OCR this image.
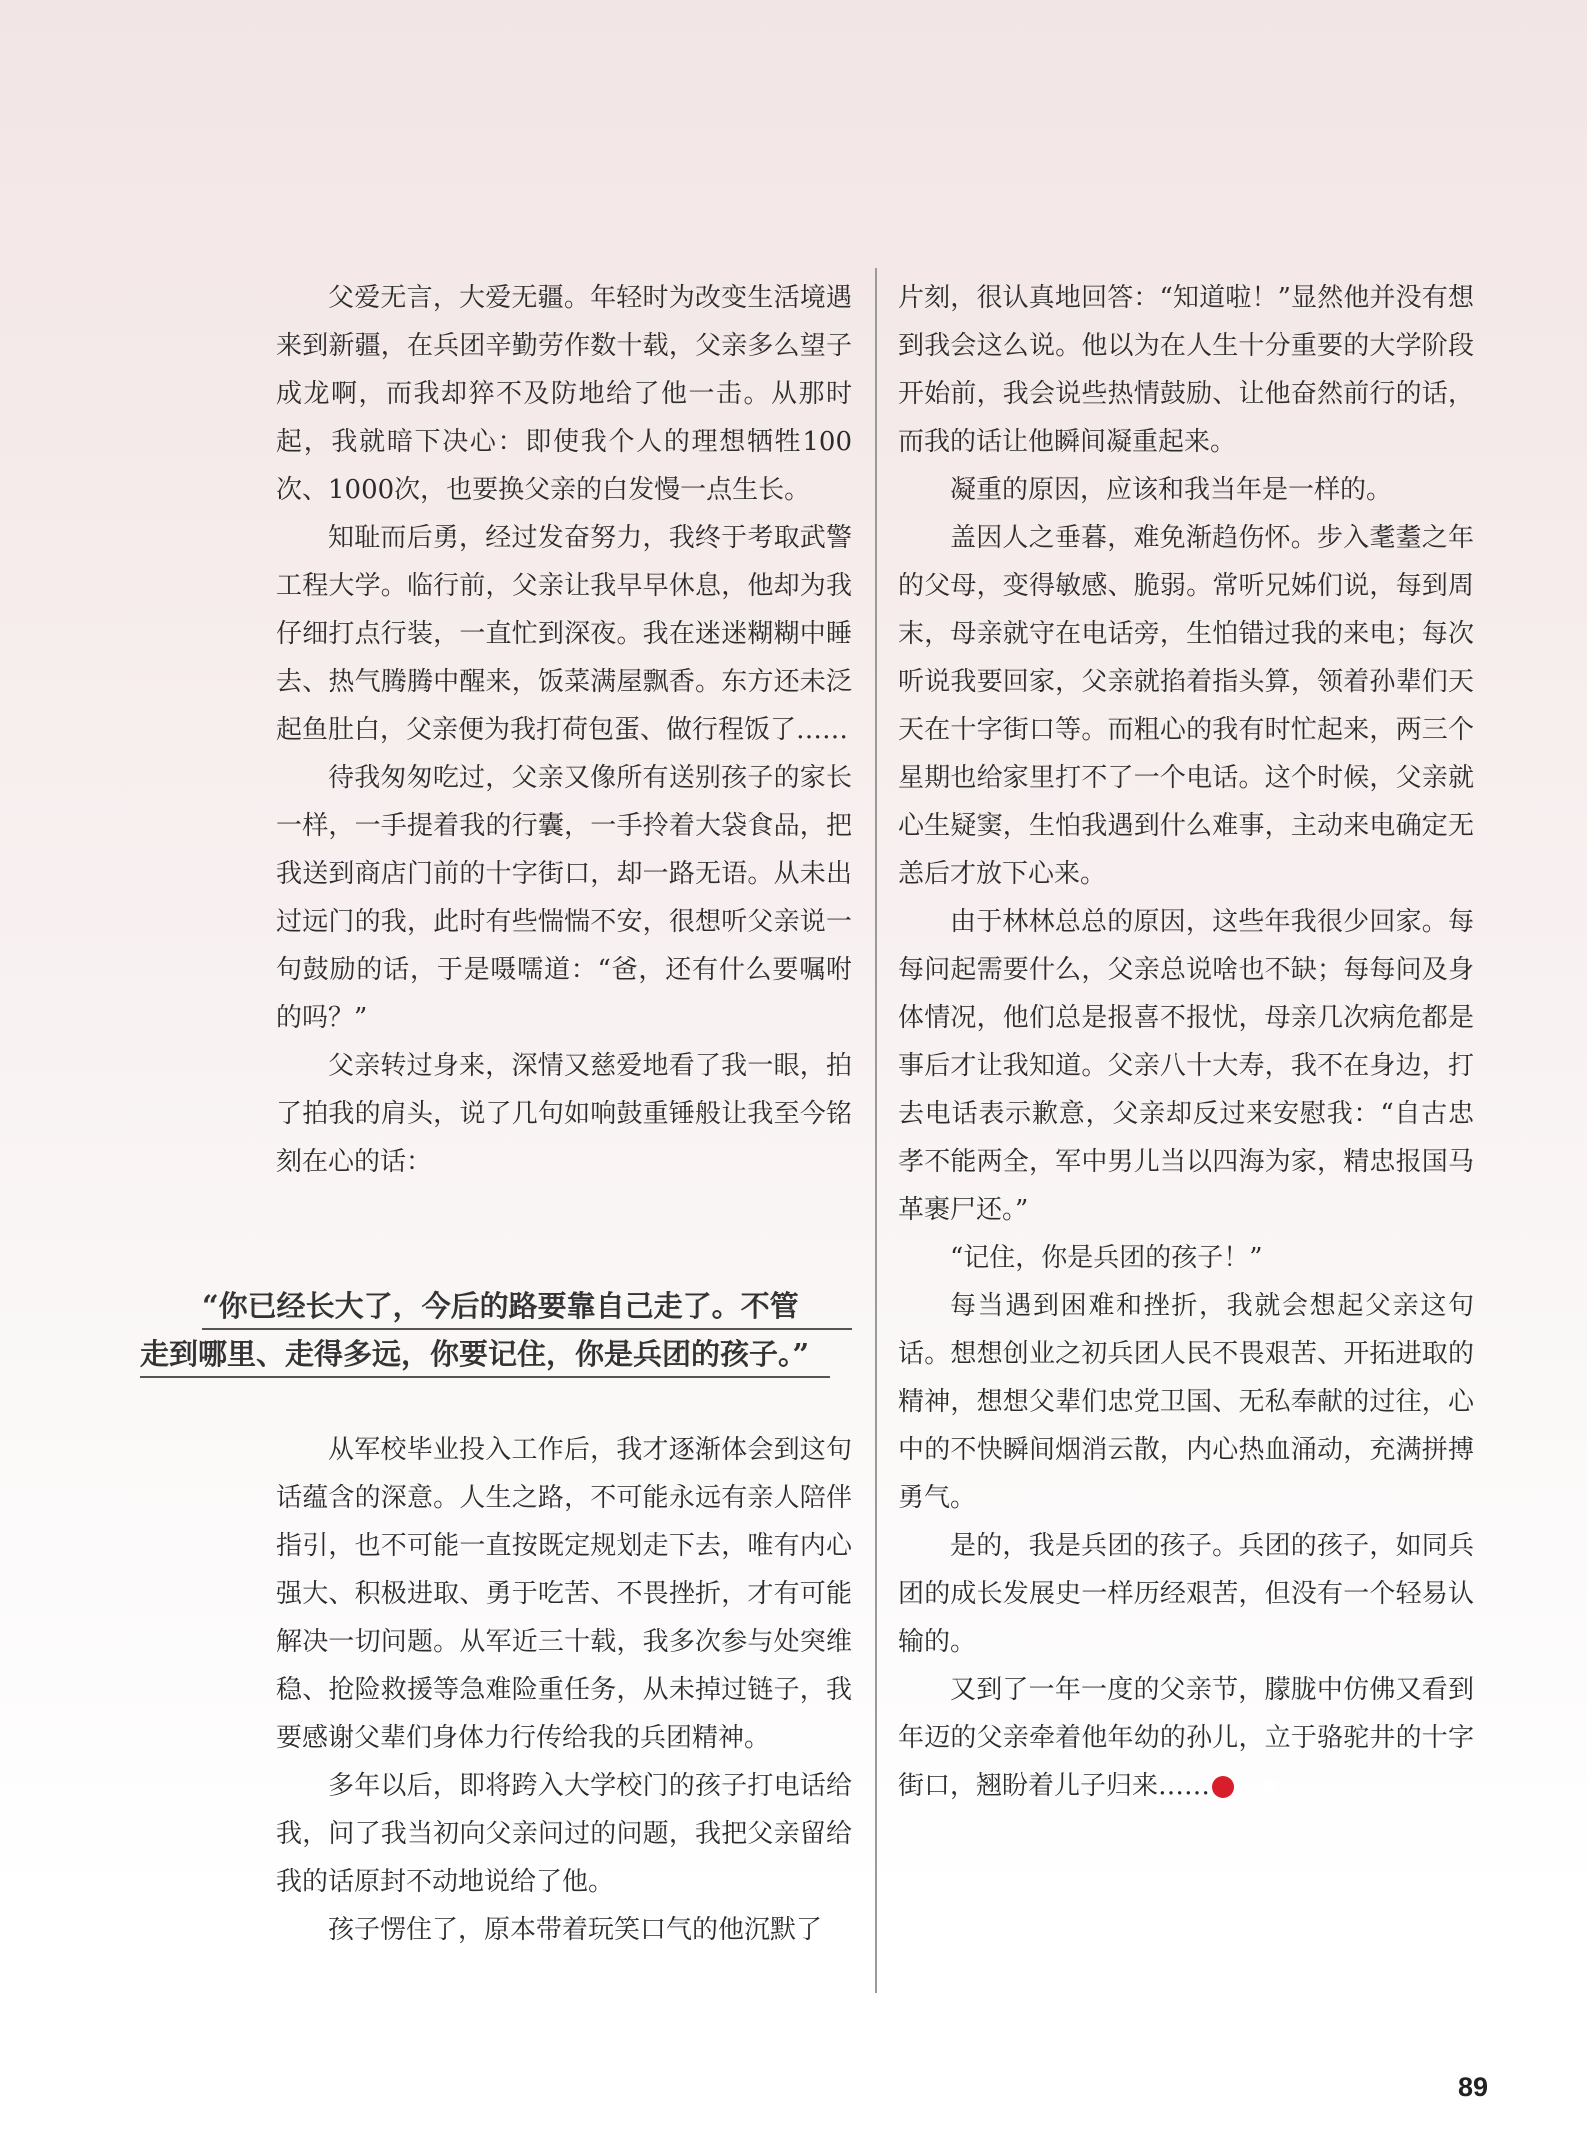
父爱无言，大爱无疆。年轻时为改变生活境遇来到新疆，在兵团辛勤劳作数十载，父亲多么望子成龙啊，而我却猝不及防地给了他一击。从那时起，我就暗下决心：即使我个人的理想牺牲100次、1000次，也要换父亲的白发慢一点生长。

知耻而后勇，经过发奋努力，我终于考取武警工程大学。临行前，父亲让我早早休息，他却为我仔细打点行装，一直忙到深夜。我在迷迷糊糊中睡去、热气腾腾中醒来，饭菜满屋飘香。东方还未泛起鱼肚白，父亲便为我打荷包蛋、做行程饭了……

待我匆匆吃过，父亲又像所有送别孩子的家长一样，一手提着我的行囊，一手拎着大袋食品，把我送到商店门前的十字街口，却一路无语。从未出过远门的我，此时有些惴惴不安，很想听父亲说一句鼓励的话，于是嗫嚅道：“爸，还有什么要嘱咐的吗？”

父亲转过身来，深情又慈爱地看了我一眼，拍了拍我的肩头，说了几句如响鼓重锤般让我至今铭刻在心的话：

“你已经长大了，今后的路要靠自己走了。不管
走到哪里、走得多远，你要记住，你是兵团的孩子。”

从军校毕业投入工作后，我才逐渐体会到这句话蕴含的深意。人生之路，不可能永远有亲人陪伴指引，也不可能一直按既定规划走下去，唯有内心强大、积极进取、勇于吃苦、不畏挫折，才有可能解决一切问题。从军近三十载，我多次参与处突维稳、抢险救援等急难险重任务，从未掉过链子，我要感谢父辈们身体力行传给我的兵团精神。

多年以后，即将跨入大学校门的孩子打电话给我，问了我当初向父亲问过的问题，我把父亲留给我的话原封不动地说给了他。

孩子愣住了，原本带着玩笑口气的他沉默了

片刻，很认真地回答：“知道啦！”显然他并没有想到我会这么说。他以为在人生十分重要的大学阶段开始前，我会说些热情鼓励、让他奋然前行的话，而我的话让他瞬间凝重起来。

凝重的原因，应该和我当年是一样的。

盖因人之垂暮，难免渐趋伤怀。步入耄耋之年的父母，变得敏感、脆弱。常听兄姊们说，每到周末，母亲就守在电话旁，生怕错过我的来电；每次听说我要回家，父亲就掐着指头算，领着孙辈们天天在十字街口等。而粗心的我有时忙起来，两三个星期也给家里打不了一个电话。这个时候，父亲就心生疑窦，生怕我遇到什么难事，主动来电确定无恙后才放下心来。

由于林林总总的原因，这些年我很少回家。每每问起需要什么，父亲总说啥也不缺；每每问及身体情况，他们总是报喜不报忧，母亲几次病危都是事后才让我知道。父亲八十大寿，我不在身边，打去电话表示歉意，父亲却反过来安慰我：“自古忠孝不能两全，军中男儿当以四海为家，精忠报国马革裹尸还。”

“记住，你是兵团的孩子！”

每当遇到困难和挫折，我就会想起父亲这句话。想想创业之初兵团人民不畏艰苦、开拓进取的精神，想想父辈们忠党卫国、无私奉献的过往，心中的不快瞬间烟消云散，内心热血涌动，充满拼搏勇气。

是的，我是兵团的孩子。兵团的孩子，如同兵团的成长发展史一样历经艰苦，但没有一个轻易认输的。

又到了一年一度的父亲节，朦胧中仿佛又看到年迈的父亲牵着他年幼的孙儿，立于骆驼井的十字街口，翘盼着儿子归来……	N

89
